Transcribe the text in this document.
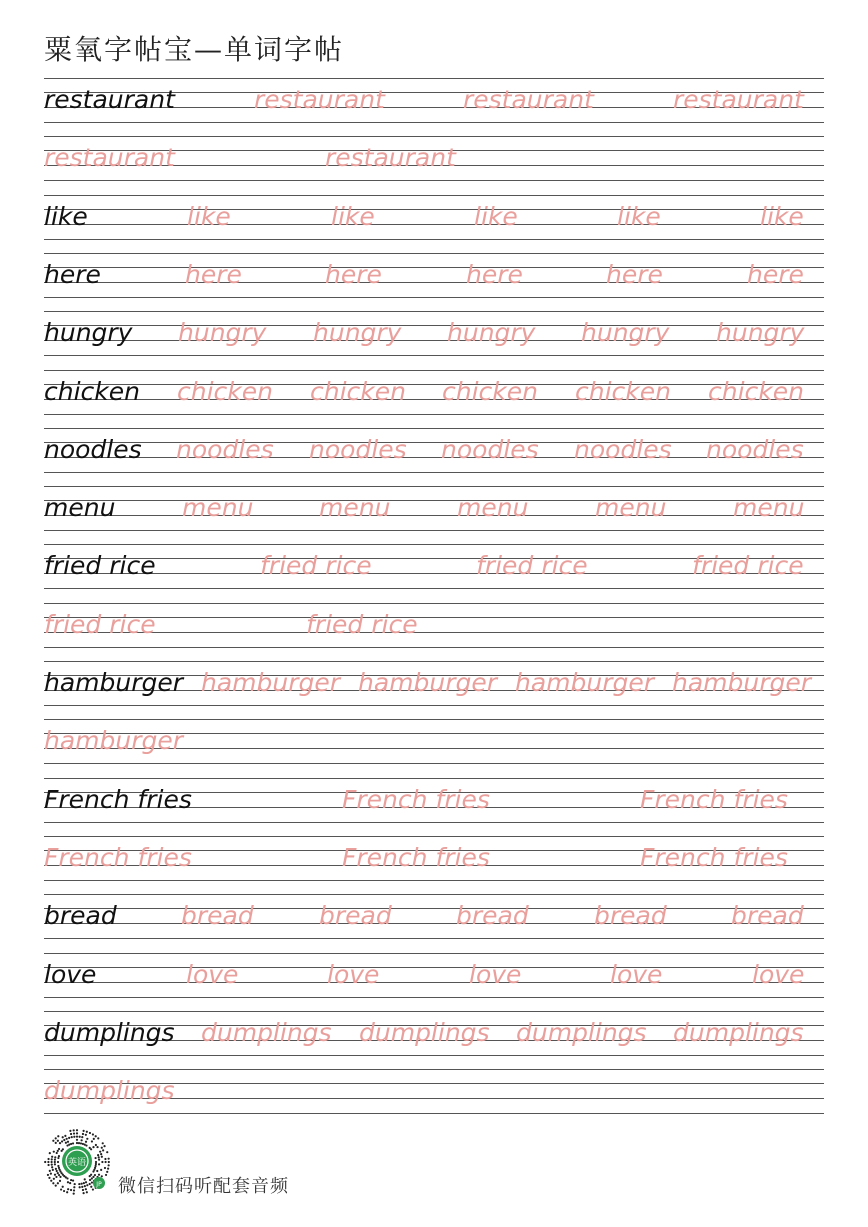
粟氧字帖宝—单词字帖
restaurant	restaurant	restaurant	restaurant
restaurant	restaurant
like	like	like	like	like	like
here	here	here	here	here	here
hungry hungry hungry hungry hungry hungry
chicken chicken chicken chicken chicken chicken
noodles noodles noodles noodles noodles noodles
menu	menu	menu	menu	menu	menu
fried rice	fried rice	fried rice	fried rice
fried rice	fried rice
hamburger hamburger hamburger hamburger hamburger
hamburger
French fries	French fries	French fries
French fries	French fries	French fries
bread	bread	bread	bread	bread	bread
love	love	love	love	love	love
dumplings dumplings dumplings dumplings dumplings
dumplings
英语
JP 微信扫码听配套音频
